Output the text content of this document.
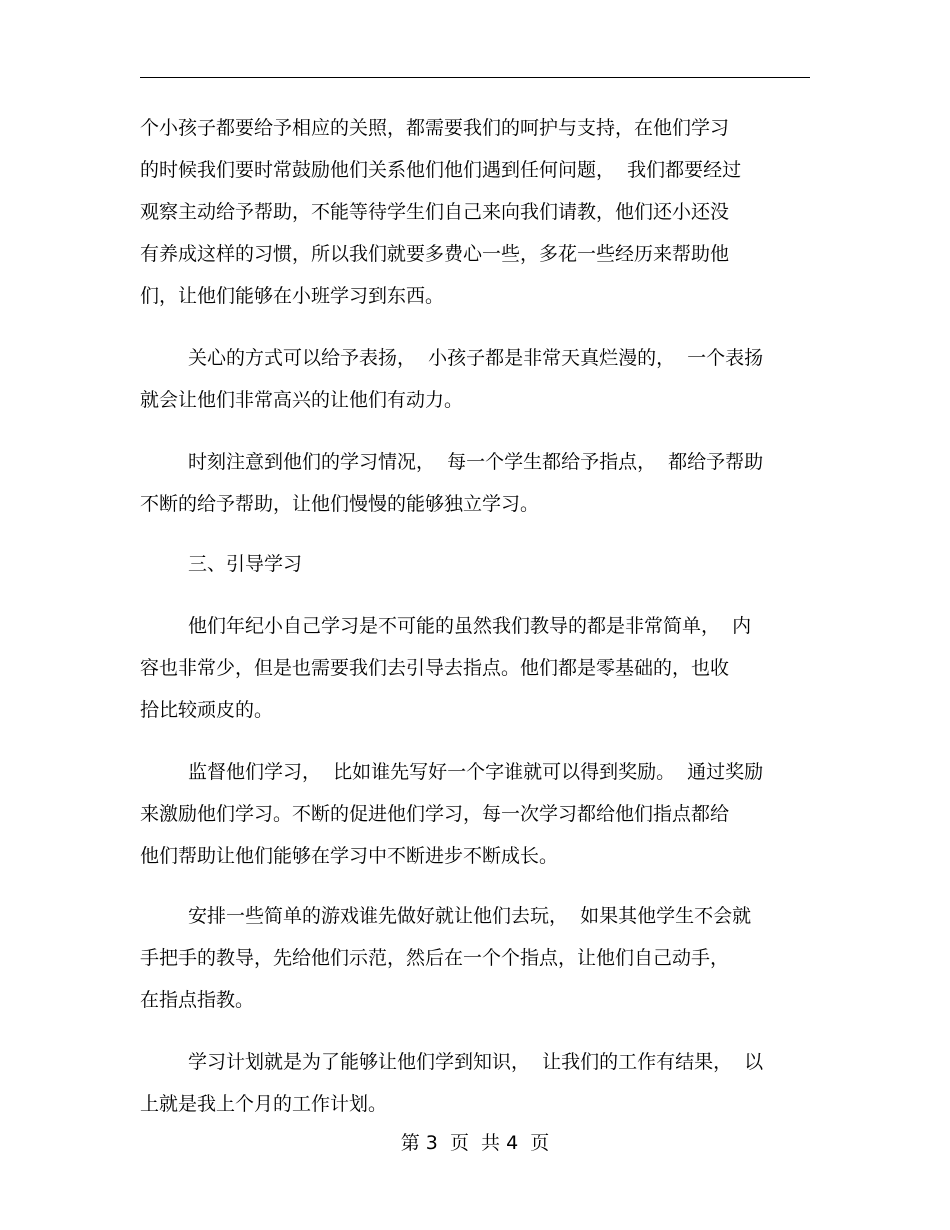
个小孩子都要给予相应的关照，都需要我们的呵护与支持，在他们学习
的时候我们要时常鼓励他们关系他们他们遇到任何问题，  我们都要经过
观察主动给予帮助，不能等待学生们自己来向我们请教，他们还小还没
有养成这样的习惯，所以我们就要多费心一些，多花一些经历来帮助他
们，让他们能够在小班学习到东西。
关心的方式可以给予表扬，  小孩子都是非常天真烂漫的，  一个表扬
就会让他们非常高兴的让他们有动力。
时刻注意到他们的学习情况，  每一个学生都给予指点，  都给予帮助
不断的给予帮助，让他们慢慢的能够独立学习。
三、引导学习
他们年纪小自己学习是不可能的虽然我们教导的都是非常简单，  内
容也非常少，但是也需要我们去引导去指点。他们都是零基础的，也收
拾比较顽皮的。
监督他们学习，  比如谁先写好一个字谁就可以得到奖励。  通过奖励
来激励他们学习。不断的促进他们学习，每一次学习都给他们指点都给
他们帮助让他们能够在学习中不断进步不断成长。
安排一些简单的游戏谁先做好就让他们去玩，  如果其他学生不会就
手把手的教导，先给他们示范，然后在一个个指点，让他们自己动手，
在指点指教。
学习计划就是为了能够让他们学到知识，  让我们的工作有结果，  以
上就是我上个月的工作计划。
第 3  页  共 4  页
